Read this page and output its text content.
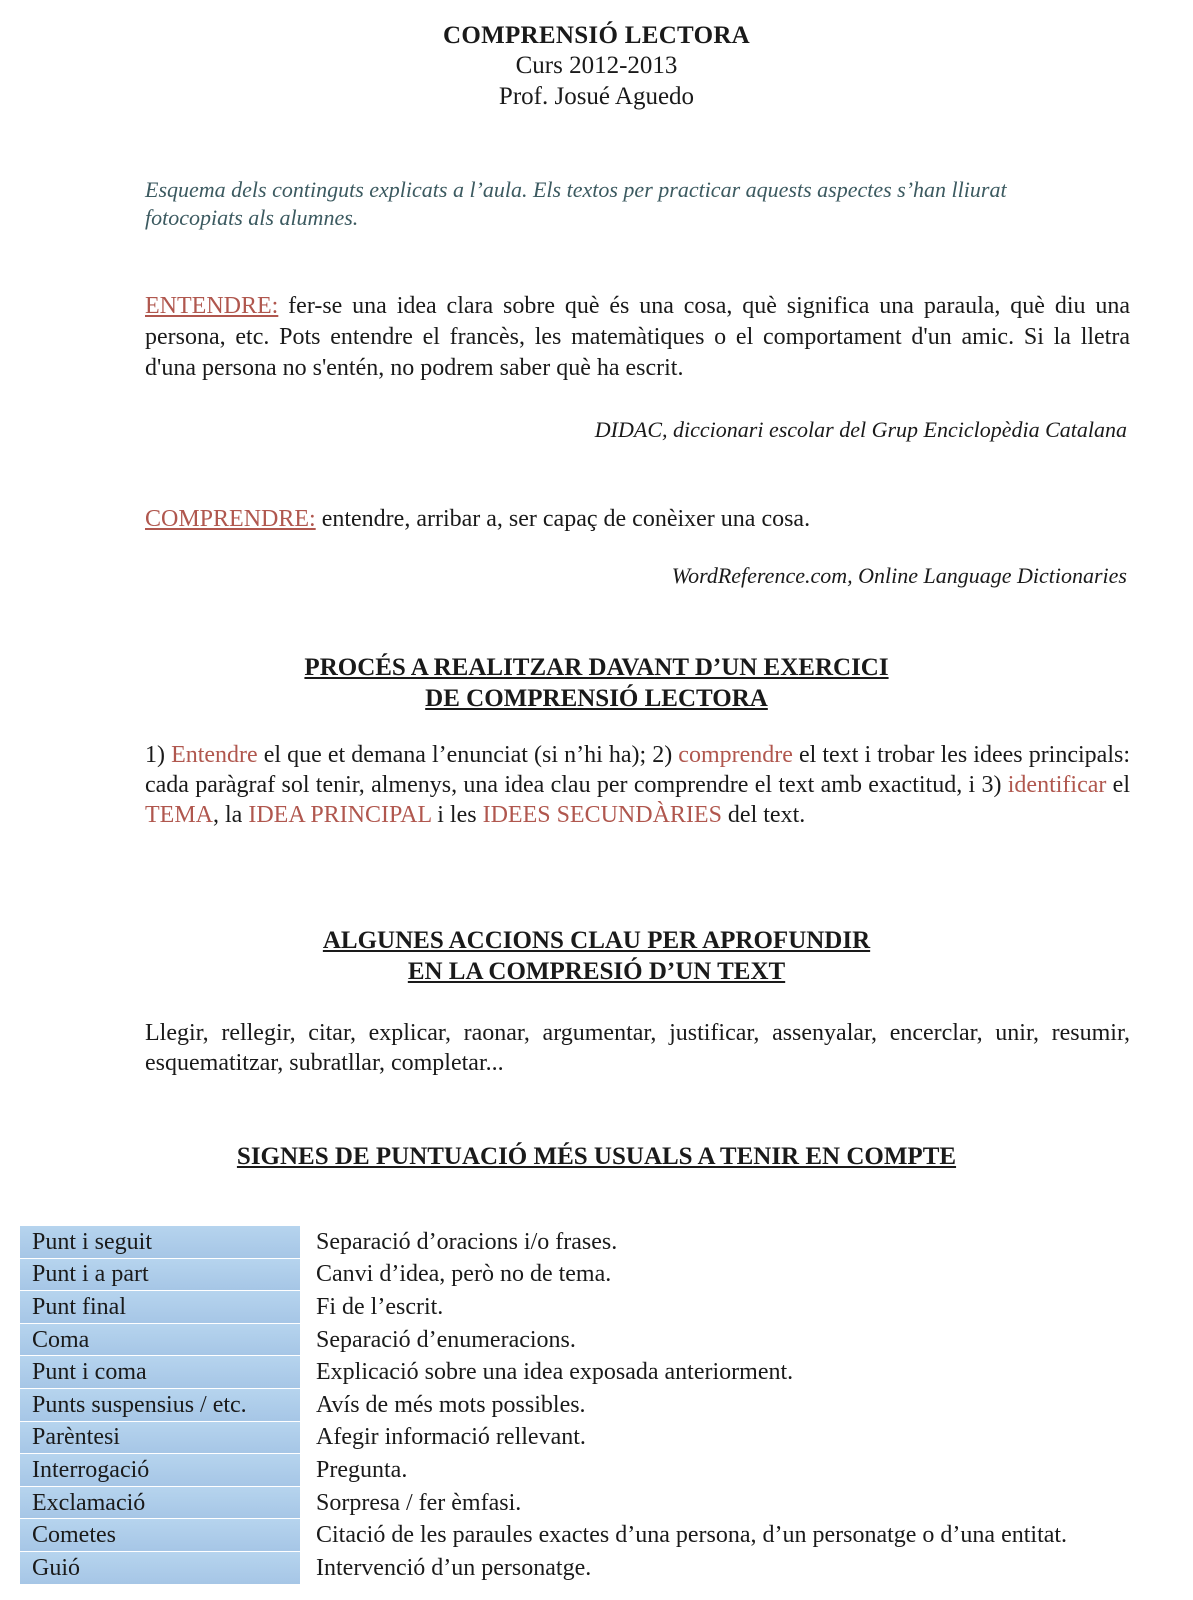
COMPRENSIÓ LECTORA
Curs 2012-2013
Prof. Josué Aguedo
Esquema dels continguts explicats a l’aula. Els textos per practicar aquests aspectes s’han lliurat fotocopiats als alumnes.
ENTENDRE: fer-se una idea clara sobre què és una cosa, què significa una paraula, què diu una persona, etc. Pots entendre el francès, les matemàtiques o el comportament d'un amic. Si la lletra d'una persona no s'entén, no podrem saber què ha escrit.
DIDAC, diccionari escolar del Grup Enciclopèdia Catalana
COMPRENDRE: entendre, arribar a, ser capaç de conèixer una cosa.
WordReference.com, Online Language Dictionaries
PROCÉS A REALITZAR DAVANT D’UN EXERCICI
DE COMPRENSIÓ LECTORA
1) Entendre el que et demana l’enunciat (si n’hi ha); 2) comprendre el text i trobar les idees principals: cada paràgraf sol tenir, almenys, una idea clau per comprendre el text amb exactitud, i 3) identificar el TEMA, la IDEA PRINCIPAL i les IDEES SECUNDÀRIES del text.
ALGUNES ACCIONS CLAU PER APROFUNDIR
EN LA COMPRESIÓ D’UN TEXT
Llegir, rellegir, citar, explicar, raonar, argumentar, justificar, assenyalar, encerclar, unir, resumir, esquematitzar, subratllar, completar...
SIGNES DE PUNTUACIÓ MÉS USUALS A TENIR EN COMPTE
Punt i seguit	Separació d’oracions i/o frases.
Punt i a part	Canvi d’idea, però no de tema.
Punt final	Fi de l’escrit.
Coma	Separació d’enumeracions.
Punt i coma	Explicació sobre una idea exposada anteriorment.
Punts suspensius / etc.	Avís de més mots possibles.
Parèntesi	Afegir informació rellevant.
Interrogació	Pregunta.
Exclamació	Sorpresa / fer èmfasi.
Cometes	Citació de les paraules exactes d’una persona, d’un personatge o d’una entitat.
Guió	Intervenció d’un personatge.
